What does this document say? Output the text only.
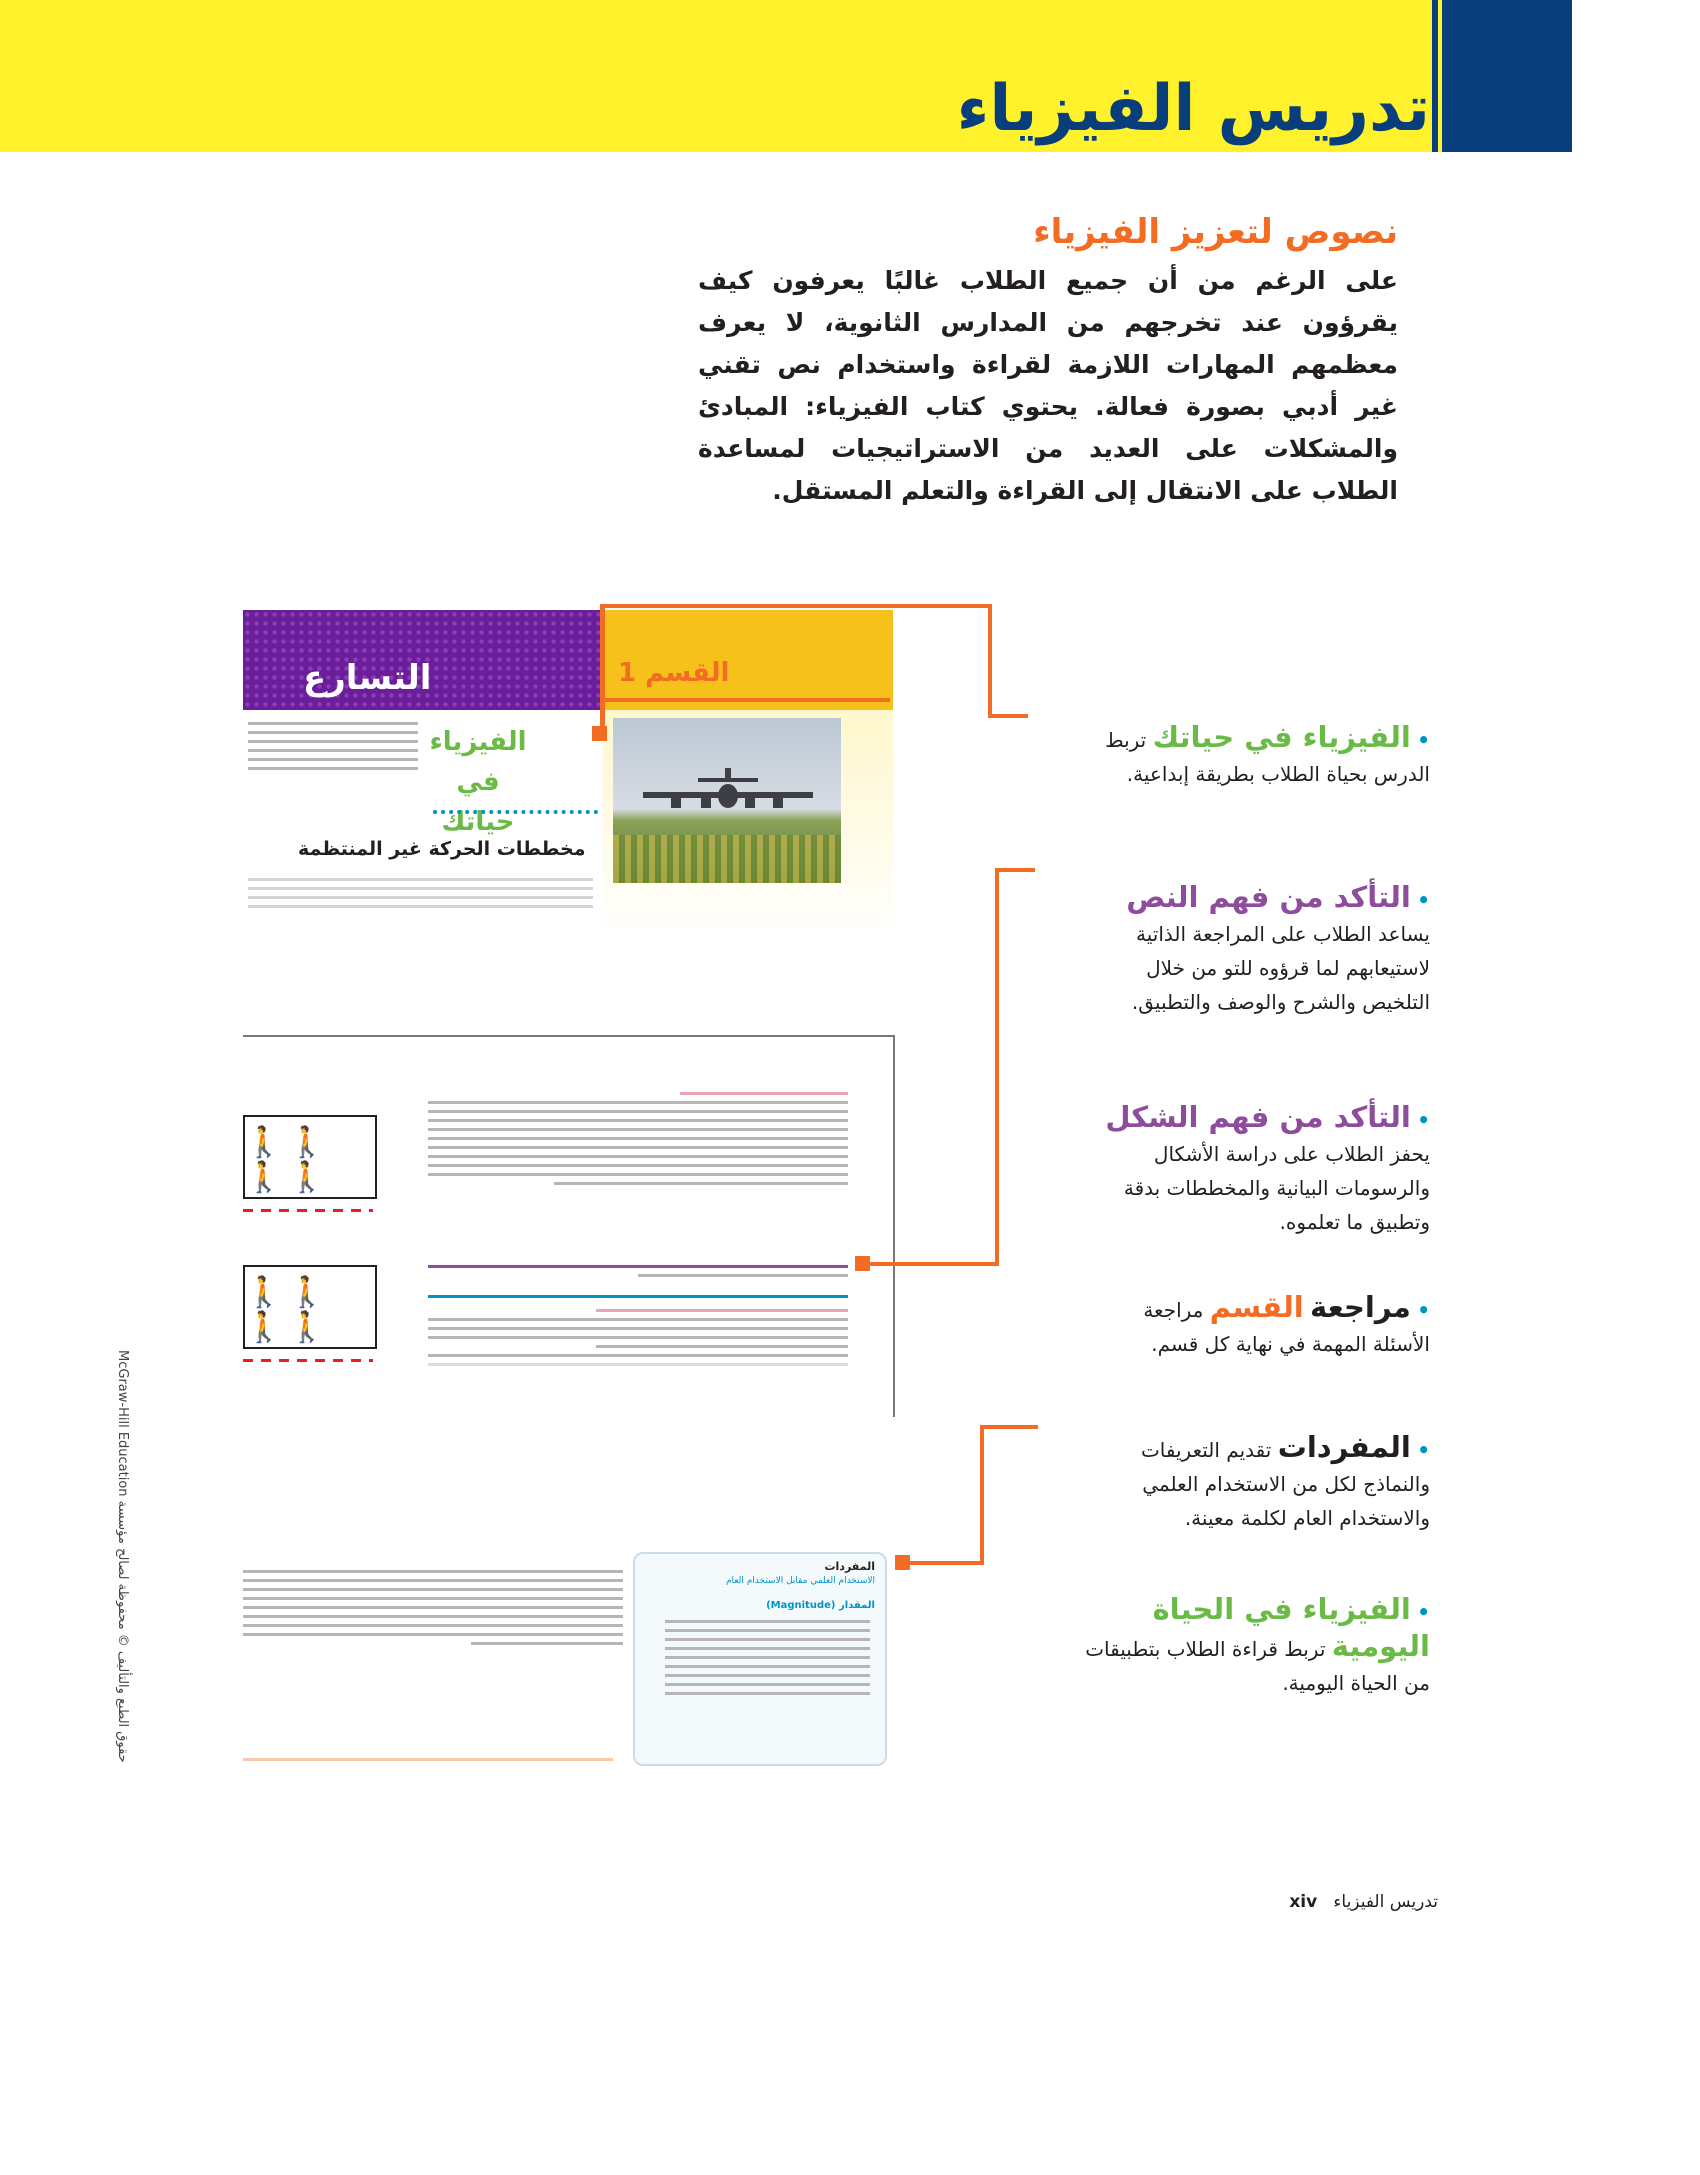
تدريس الفيزياء
نصوص لتعزيز الفيزياء
على الرغم من أن جميع الطلاب غالبًا يعرفون كيف يقرؤون عند تخرجهم من المدارس الثانوية، لا يعرف معظمهم المهارات اللازمة لقراءة واستخدام نص تقني غير أدبي بصورة فعالة. يحتوي كتاب الفيزياء: المبادئ والمشكلات على العديد من الاستراتيجيات لمساعدة الطلاب على الانتقال إلى القراءة والتعلم المستقل.
التسارع	القسم 1
الفيزياء في حياتك
مخططات الحركة غير المنتظمة
🚶🚶🚶🚶
🚶🚶🚶🚶
المفردات
الاستخدام العلمي مقابل الاستخدام العام
المقدار (Magnitude)
• الفيزياء في حياتك تربط الدرس بحياة الطلاب بطريقة إبداعية.
• التأكد من فهم النص يساعد الطلاب على المراجعة الذاتية لاستيعابهم لما قرؤوه للتو من خلال التلخيص والشرح والوصف والتطبيق.
• التأكد من فهم الشكل يحفز الطلاب على دراسة الأشكال والرسومات البيانية والمخططات بدقة وتطبيق ما تعلموه.
• مراجعة القسم مراجعة الأسئلة المهمة في نهاية كل قسم.
• المفردات تقديم التعريفات والنماذج لكل من الاستخدام العلمي والاستخدام العام لكلمة معينة.
• الفيزياء في الحياة اليومية تربط قراءة الطلاب بتطبيقات من الحياة اليومية.
McGraw-Hill Education حقوق الطبع والتأليف © محفوظة لصالح مؤسسة
تدريس الفيزياء   xiv
